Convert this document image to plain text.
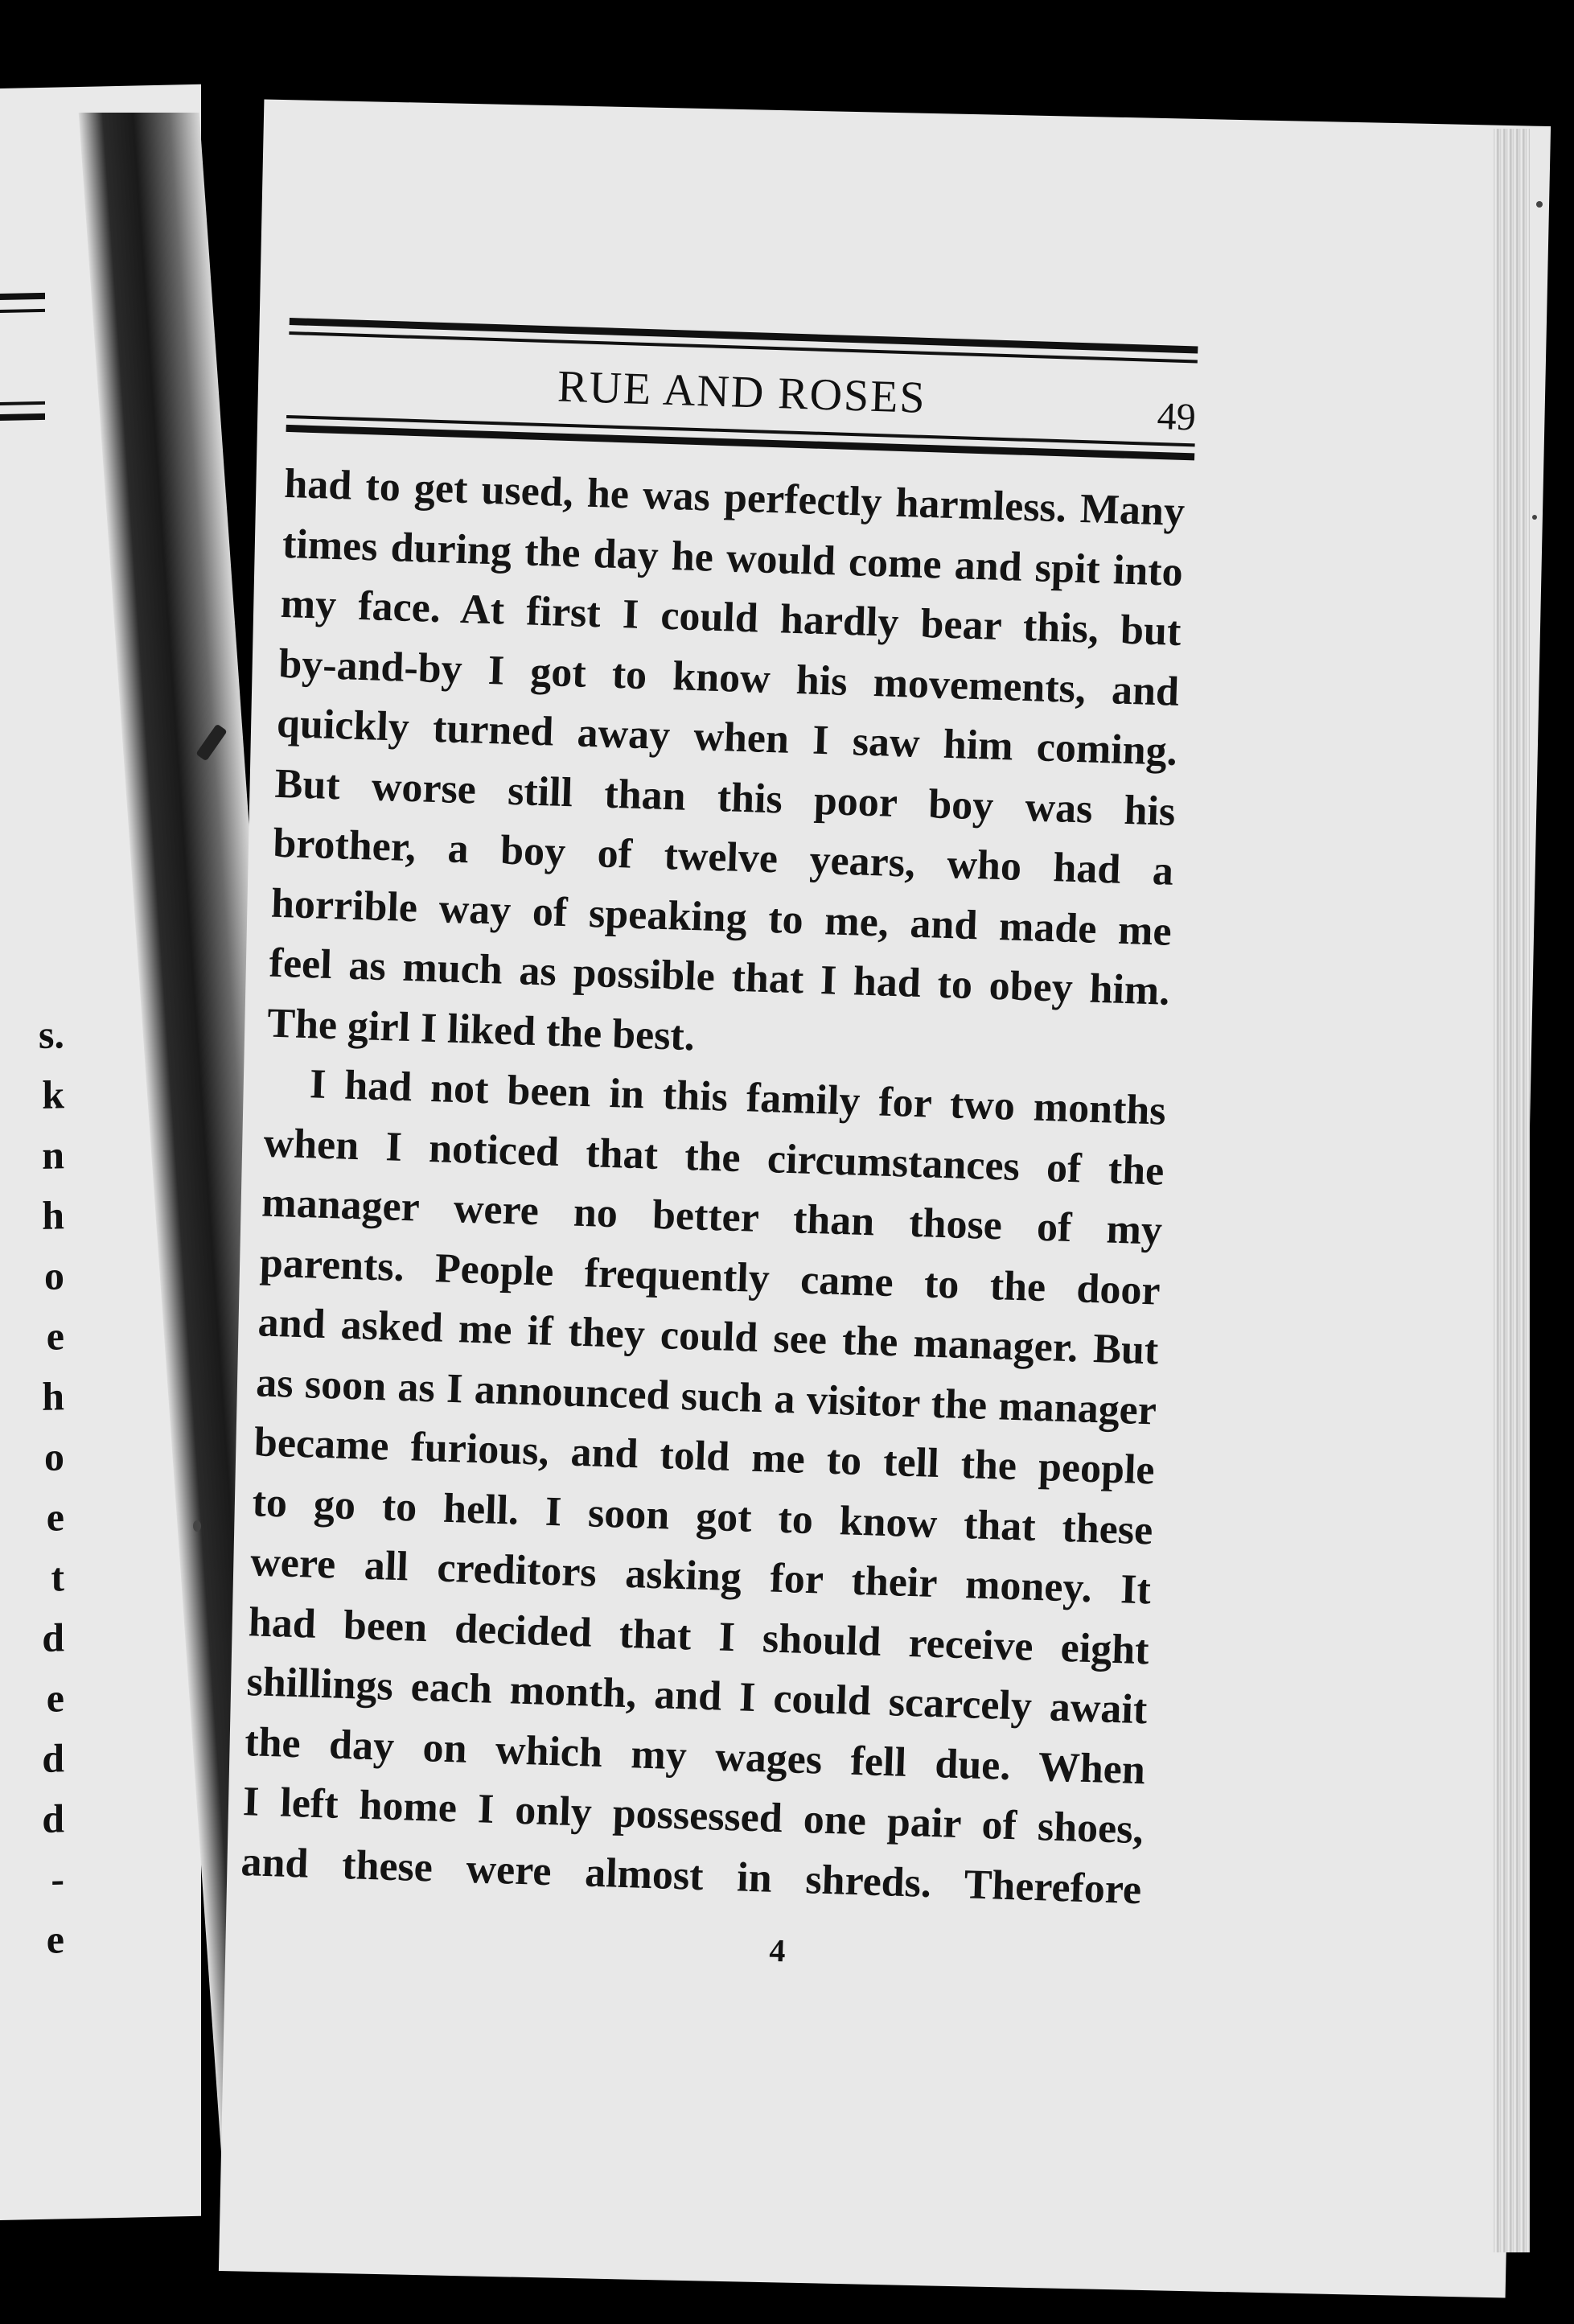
s.
k
n
h
o
e
h
o
e
t
d
e
d
d
-
e
RUE AND ROSES	49
had to get used, he was perfectly harmless. Many
times during the day he would come and spit into
my face. At first I could hardly bear this, but
by-and-by I got to know his movements, and
quickly turned away when I saw him coming.
But worse still than this poor boy was his
brother, a boy of twelve years, who had a
horrible way of speaking to me, and made me
feel as much as possible that I had to obey him.
The girl I liked the best.
I had not been in this family for two months
when I noticed that the circumstances of the
manager were no better than those of my
parents. People frequently came to the door
and asked me if they could see the manager. But
as soon as I announced such a visitor the manager
became furious, and told me to tell the people
to go to hell. I soon got to know that these
were all creditors asking for their money. It
had been decided that I should receive eight
shillings each month, and I could scarcely await
the day on which my wages fell due. When
I left home I only possessed one pair of shoes,
and these were almost in shreds. Therefore
4
